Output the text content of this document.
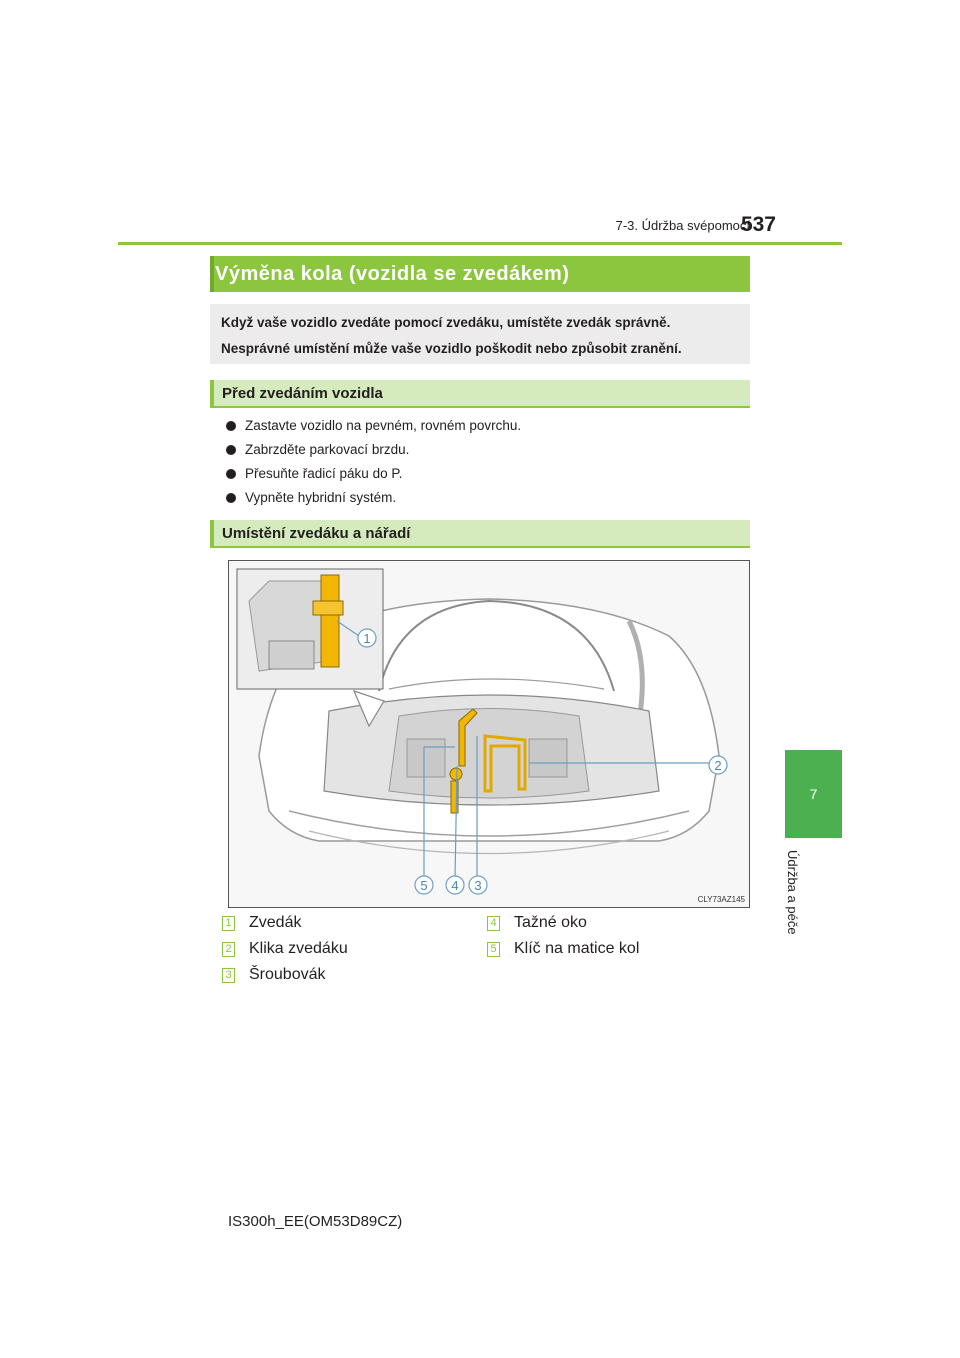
7-3. Údržba svépomocí
537
7
Údržba a péče
Výměna kola (vozidla se zvedákem)
Když vaše vozidlo zvedáte pomocí zvedáku, umístěte zvedák správně.
Nesprávné umístění může vaše vozidlo poškodit nebo způsobit zranění.
Před zvedáním vozidla
Zastavte vozidlo na pevném, rovném povrchu.
Zabrzděte parkovací brzdu.
Přesuňte řadicí páku do P.
Vypněte hybridní systém.
Umístění zvedáku a nářadí
1
2
3
4
5
CLY73AZ145
1 Zvedák
2 Klika zvedáku
3 Šroubovák
4 Tažné oko
5 Klíč na matice kol
IS300h_EE(OM53D89CZ)
